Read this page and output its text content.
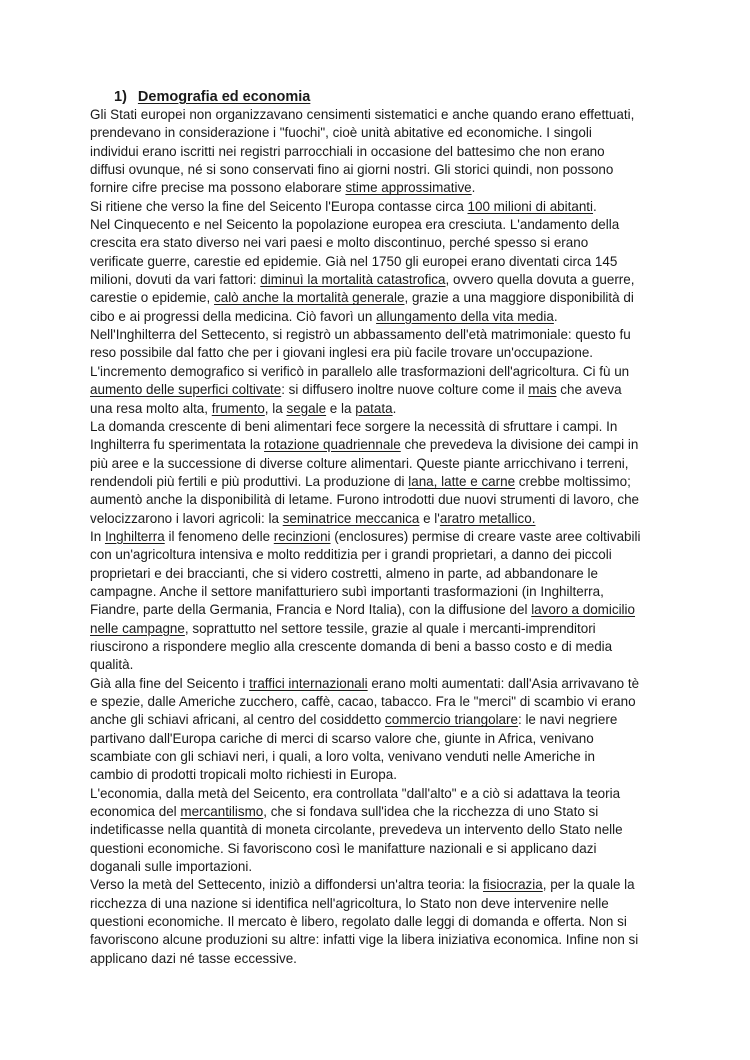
1) Demografia ed economia

Gli Stati europei non organizzavano censimenti sistematici e anche quando erano effettuati,
prendevano in considerazione i "fuochi", cioè unità abitative ed economiche. I singoli
individui erano iscritti nei registri parrocchiali in occasione del battesimo che non erano
diffusi ovunque, né si sono conservati fino ai giorni nostri. Gli storici quindi, non possono
fornire cifre precise ma possono elaborare stime approssimative.

Si ritiene che verso la fine del Seicento l'Europa contasse circa 100 milioni di abitanti.

Nel Cinquecento e nel Seicento la popolazione europea era cresciuta. L'andamento della
crescita era stato diverso nei vari paesi e molto discontinuo, perché spesso si erano
verificate guerre, carestie ed epidemie. Già nel 1750 gli europei erano diventati circa 145
milioni, dovuti da vari fattori: diminuì la mortalità catastrofica, ovvero quella dovuta a guerre,
carestie o epidemie, calò anche la mortalità generale, grazie a una maggiore disponibilità di
cibo e ai progressi della medicina. Ciò favorì un allungamento della vita media.

Nell'Inghilterra del Settecento, si registrò un abbassamento dell'età matrimoniale: questo fu
reso possibile dal fatto che per i giovani inglesi era più facile trovare un'occupazione.

L'incremento demografico si verificò in parallelo alle trasformazioni dell'agricoltura. Ci fù un
aumento delle superfici coltivate: si diffusero inoltre nuove colture come il mais che aveva
una resa molto alta, frumento, la segale e la patata.

La domanda crescente di beni alimentari fece sorgere la necessità di sfruttare i campi. In
Inghilterra fu sperimentata la rotazione quadriennale che prevedeva la divisione dei campi in
più aree e la successione di diverse colture alimentari. Queste piante arricchivano i terreni,
rendendoli più fertili e più produttivi. La produzione di lana, latte e carne crebbe moltissimo;
aumentò anche la disponibilità di letame. Furono introdotti due nuovi strumenti di lavoro, che
velocizzarono i lavori agricoli: la seminatrice meccanica e l'aratro metallico.

In Inghilterra il fenomeno delle recinzioni (enclosures) permise di creare vaste aree coltivabili
con un'agricoltura intensiva e molto redditizia per i grandi proprietari, a danno dei piccoli
proprietari e dei braccianti, che si videro costretti, almeno in parte, ad abbandonare le
campagne. Anche il settore manifatturiero subì importanti trasformazioni (in Inghilterra,
Fiandre, parte della Germania, Francia e Nord Italia), con la diffusione del lavoro a domicilio
nelle campagne, soprattutto nel settore tessile, grazie al quale i mercanti-imprenditori
riuscirono a rispondere meglio alla crescente domanda di beni a basso costo e di media
qualità.

Già alla fine del Seicento i traffici internazionali erano molti aumentati: dall'Asia arrivavano tè
e spezie, dalle Americhe zucchero, caffè, cacao, tabacco. Fra le "merci" di scambio vi erano
anche gli schiavi africani, al centro del cosiddetto commercio triangolare: le navi negriere
partivano dall'Europa cariche di merci di scarso valore che, giunte in Africa, venivano
scambiate con gli schiavi neri, i quali, a loro volta, venivano venduti nelle Americhe in
cambio di prodotti tropicali molto richiesti in Europa.

L'economia, dalla metà del Seicento, era controllata "dall'alto" e a ciò si adattava la teoria
economica del mercantilismo, che si fondava sull'idea che la ricchezza di uno Stato si
indetificasse nella quantità di moneta circolante, prevedeva un intervento dello Stato nelle
questioni economiche. Si favoriscono così le manifatture nazionali e si applicano dazi
doganali sulle importazioni.

Verso la metà del Settecento, iniziò a diffondersi un'altra teoria: la fisiocrazia, per la quale la
ricchezza di una nazione si identifica nell'agricoltura, lo Stato non deve intervenire nelle
questioni economiche. Il mercato è libero, regolato dalle leggi di domanda e offerta. Non si
favoriscono alcune produzioni su altre: infatti vige la libera iniziativa economica. Infine non si
applicano dazi né tasse eccessive.
